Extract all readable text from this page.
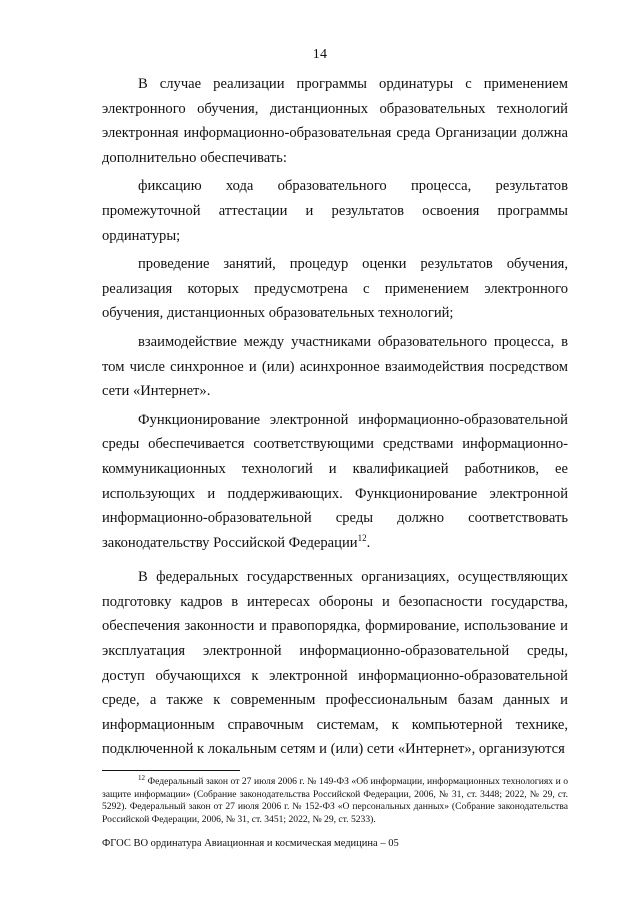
14

В случае реализации программы ординатуры с применением электронного обучения, дистанционных образовательных технологий электронная информационно-образовательная среда Организации должна дополнительно обеспечивать:

фиксацию хода образовательного процесса, результатов промежуточной аттестации и результатов освоения программы ординатуры;

проведение занятий, процедур оценки результатов обучения, реализация которых предусмотрена с применением электронного обучения, дистанционных образовательных технологий;

взаимодействие между участниками образовательного процесса, в том числе синхронное и (или) асинхронное взаимодействия посредством сети «Интернет».

Функционирование электронной информационно-образовательной среды обеспечивается соответствующими средствами информационно-коммуникационных технологий и квалификацией работников, ее использующих и поддерживающих. Функционирование электронной информационно-образовательной среды должно соответствовать законодательству Российской Федерации$^{12}$.

В федеральных государственных организациях, осуществляющих подготовку кадров в интересах обороны и безопасности государства, обеспечения законности и правопорядка, формирование, использование и эксплуатация электронной информационно-образовательной среды, доступ обучающихся к электронной информационно-образовательной среде, а также к современным профессиональным базам данных и информационным справочным системам, к компьютерной технике, подключенной к локальным сетям и (или) сети «Интернет», организуются

$^{12}$ Федеральный закон от 27 июля 2006 г. № 149-ФЗ «Об информации, информационных технологиях и о защите информации» (Собрание законодательства Российской Федерации, 2006, № 31, ст. 3448; 2022, № 29, ст. 5292). Федеральный закон от 27 июля 2006 г. № 152-ФЗ «О персональных данных» (Собрание законодательства Российской Федерации, 2006, № 31, ст. 3451; 2022, № 29, ст. 5233).

ФГОС ВО ординатура Авиационная и космическая медицина – 05
